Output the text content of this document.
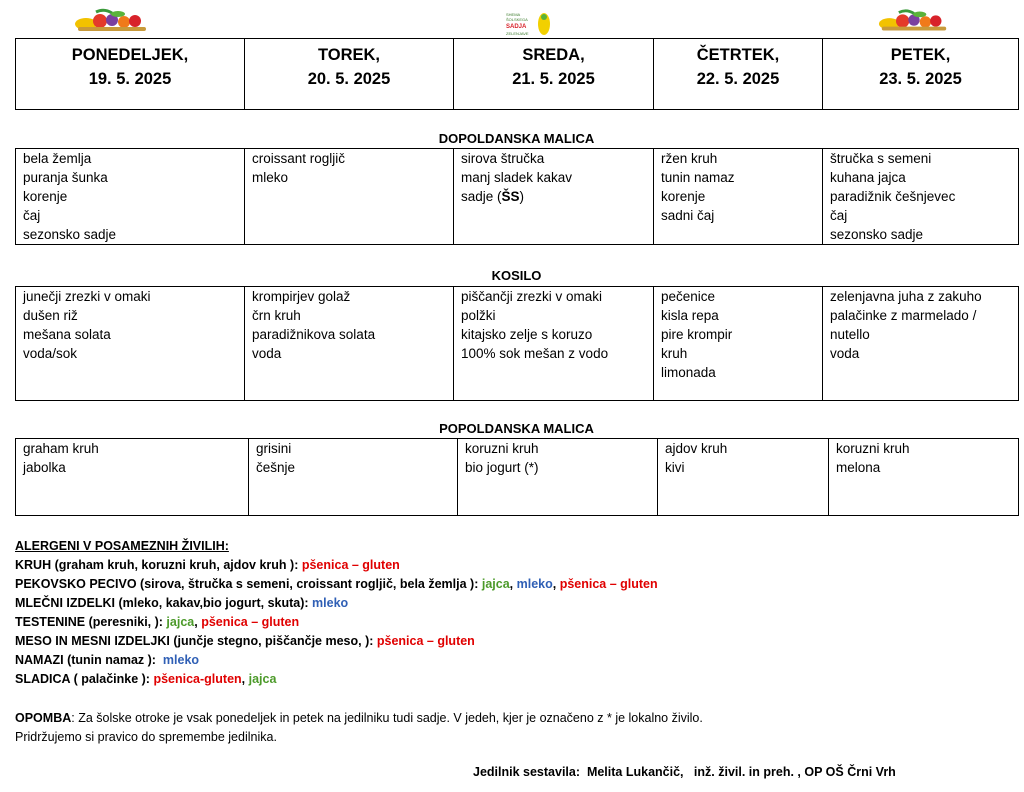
SHEMA
ŠOLSKEGA
SADJA
ZELENJAVE
PONEDELJEK,
19. 5. 2025

TOREK,
20. 5. 2025

SREDA,
21. 5. 2025

ČETRTEK,
22. 5. 2025

PETEK,
23. 5. 2025
DOPOLDANSKA MALICA
bela žemlja
puranja šunka
korenje
čaj
sezonsko sadje

croissant rogljič
mleko

sirova štručka
manj sladek kakav
sadje (ŠS)

ržen kruh
tunin namaz
korenje
sadni čaj

štručka s semeni
kuhana jajca
paradižnik češnjevec
čaj
sezonsko sadje
KOSILO
junečji zrezki v omaki
dušen riž
mešana solata
voda/sok

krompirjev golaž
črn kruh
paradižnikova solata
voda

piščančji zrezki v omaki
polžki
kitajsko zelje s koruzo
100% sok mešan z vodo

pečenice
kisla repa
pire krompir
kruh
limonada

zelenjavna juha z zakuho
palačinke z marmelado /
nutello
voda
POPOLDANSKA MALICA
graham kruh
jabolka

grisini
češnje

koruzni kruh
bio jogurt (*)

ajdov kruh
kivi

koruzni kruh
melona
ALERGENI V POSAMEZNIH ŽIVILIH:
KRUH (graham kruh, koruzni kruh, ajdov kruh ): pšenica – gluten
PEKOVSKO PECIVO (sirova, štručka s semeni, croissant rogljič, bela žemlja ): jajca, mleko, pšenica – gluten
MLEČNI IZDELKI (mleko, kakav,bio jogurt, skuta): mleko
TESTENINE (peresniki, ): jajca, pšenica – gluten
MESO IN MESNI IZDELJKI (junčje stegno, piščančje meso, ): pšenica – gluten
NAMAZI (tunin namaz ):  mleko
SLADICA ( palačinke ): pšenica-gluten, jajca
OPOMBA: Za šolske otroke je vsak ponedeljek in petek na jedilniku tudi sadje. V jedeh, kjer je označeno z * je lokalno živilo.
Pridržujemo si pravico do spremembe jedilnika.
Jedilnik sestavila:  Melita Lukančič,   inž. živil. in preh. , OP OŠ Črni Vrh
